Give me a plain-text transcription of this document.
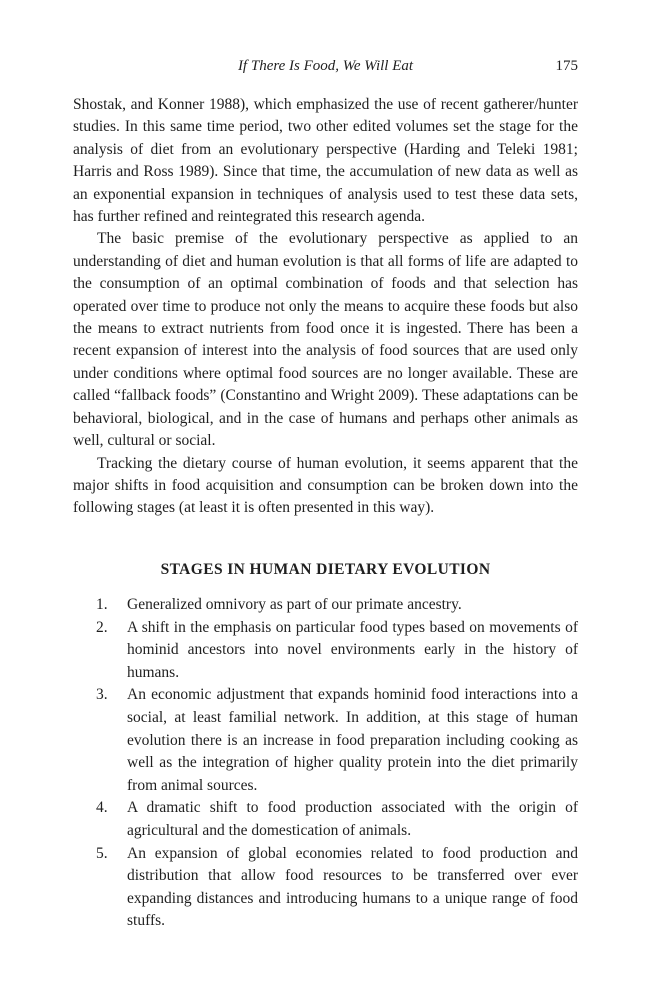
If There Is Food, We Will Eat	175

Shostak, and Konner 1988), which emphasized the use of recent gatherer/hunter studies. In this same time period, two other edited volumes set the stage for the analysis of diet from an evolutionary perspective (Harding and Teleki 1981; Harris and Ross 1989). Since that time, the accumulation of new data as well as an exponential expansion in techniques of analysis used to test these data sets, has further refined and reintegrated this research agenda.

The basic premise of the evolutionary perspective as applied to an understanding of diet and human evolution is that all forms of life are adapted to the consumption of an optimal combination of foods and that selection has operated over time to produce not only the means to acquire these foods but also the means to extract nutrients from food once it is ingested. There has been a recent expansion of interest into the analysis of food sources that are used only under conditions where optimal food sources are no longer available. These are called “fallback foods” (Constantino and Wright 2009). These adaptations can be behavioral, biological, and in the case of humans and perhaps other animals as well, cultural or social.

Tracking the dietary course of human evolution, it seems apparent that the major shifts in food acquisition and consumption can be broken down into the following stages (at least it is often presented in this way).

STAGES IN HUMAN DIETARY EVOLUTION
1. Generalized omnivory as part of our primate ancestry.
2. A shift in the emphasis on particular food types based on movements of hominid ancestors into novel environments early in the history of humans.
3. An economic adjustment that expands hominid food interactions into a social, at least familial network. In addition, at this stage of human evolution there is an increase in food preparation including cooking as well as the integration of higher quality protein into the diet primarily from animal sources.
4. A dramatic shift to food production associated with the origin of agricultural and the domestication of animals.
5. An expansion of global economies related to food production and distribution that allow food resources to be transferred over ever expanding distances and introducing humans to a unique range of food stuffs.
